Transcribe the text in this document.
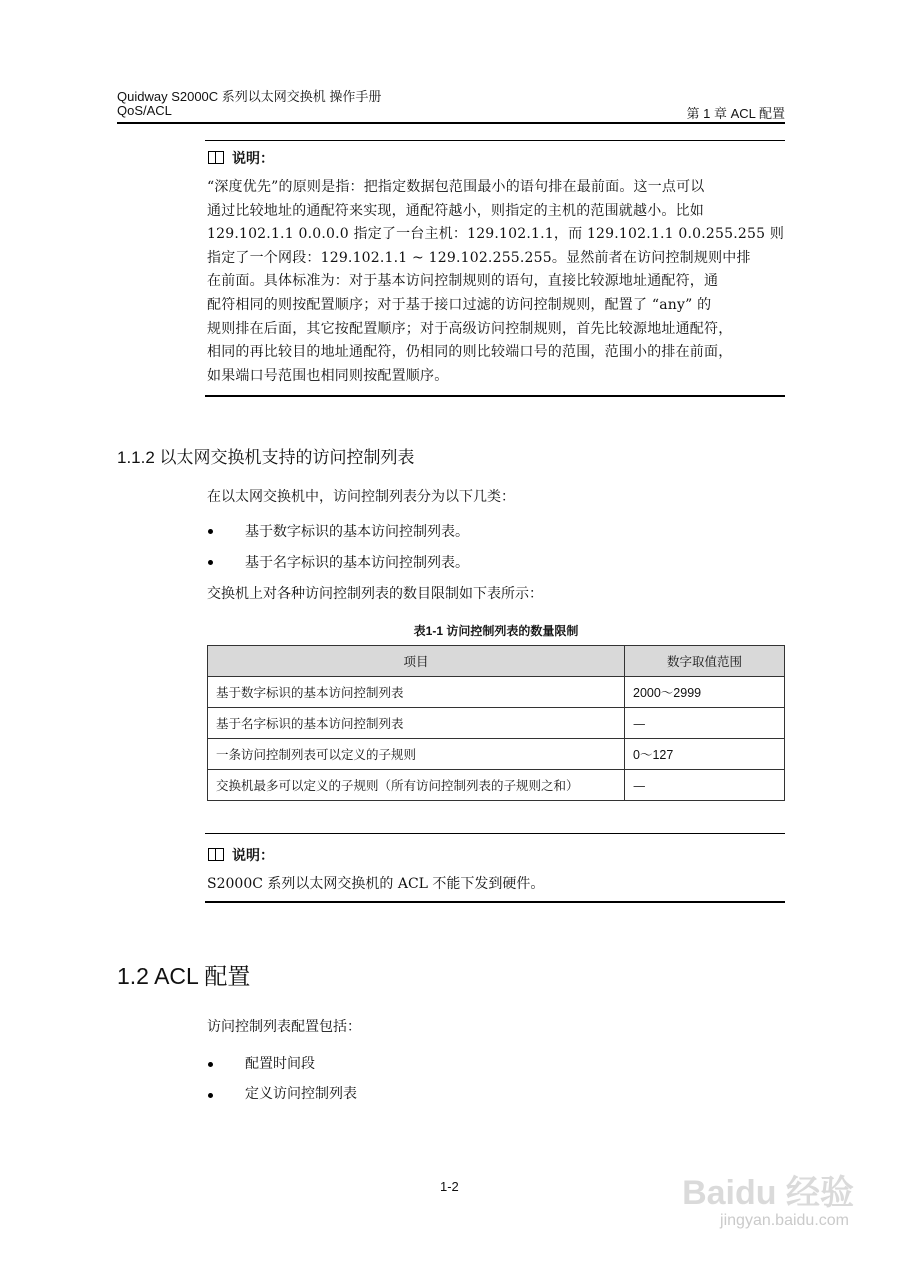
Quidway S2000C 系列以太网交换机 操作手册
QoS/ACL	第 1 章 ACL 配置
说明：
“深度优先”的原则是指：把指定数据包范围最小的语句排在最前面。这一点可以
通过比较地址的通配符来实现，通配符越小，则指定的主机的范围就越小。比如
129.102.1.1 0.0.0.0 指定了一台主机：129.102.1.1，而 129.102.1.1 0.0.255.255 则
指定了一个网段：129.102.1.1 ~ 129.102.255.255。显然前者在访问控制规则中排
在前面。具体标准为：对于基本访问控制规则的语句，直接比较源地址通配符，通
配符相同的则按配置顺序；对于基于接口过滤的访问控制规则，配置了 “any” 的
规则排在后面，其它按配置顺序；对于高级访问控制规则，首先比较源地址通配符，
相同的再比较目的地址通配符，仍相同的则比较端口号的范围，范围小的排在前面，
如果端口号范围也相同则按配置顺序。
1.1.2 以太网交换机支持的访问控制列表
在以太网交换机中，访问控制列表分为以下几类：
基于数字标识的基本访问控制列表。
基于名字标识的基本访问控制列表。
交换机上对各种访问控制列表的数目限制如下表所示：
表1-1 访问控制列表的数量限制
项目	数字取值范围
基于数字标识的基本访问控制列表	2000～2999
基于名字标识的基本访问控制列表	—
一条访问控制列表可以定义的子规则	0～127
交换机最多可以定义的子规则（所有访问控制列表的子规则之和）	—
说明：
S2000C 系列以太网交换机的 ACL 不能下发到硬件。
1.2 ACL 配置
访问控制列表配置包括：
配置时间段
定义访问控制列表
1-2	Baidu 经验
jingyan.baidu.com
